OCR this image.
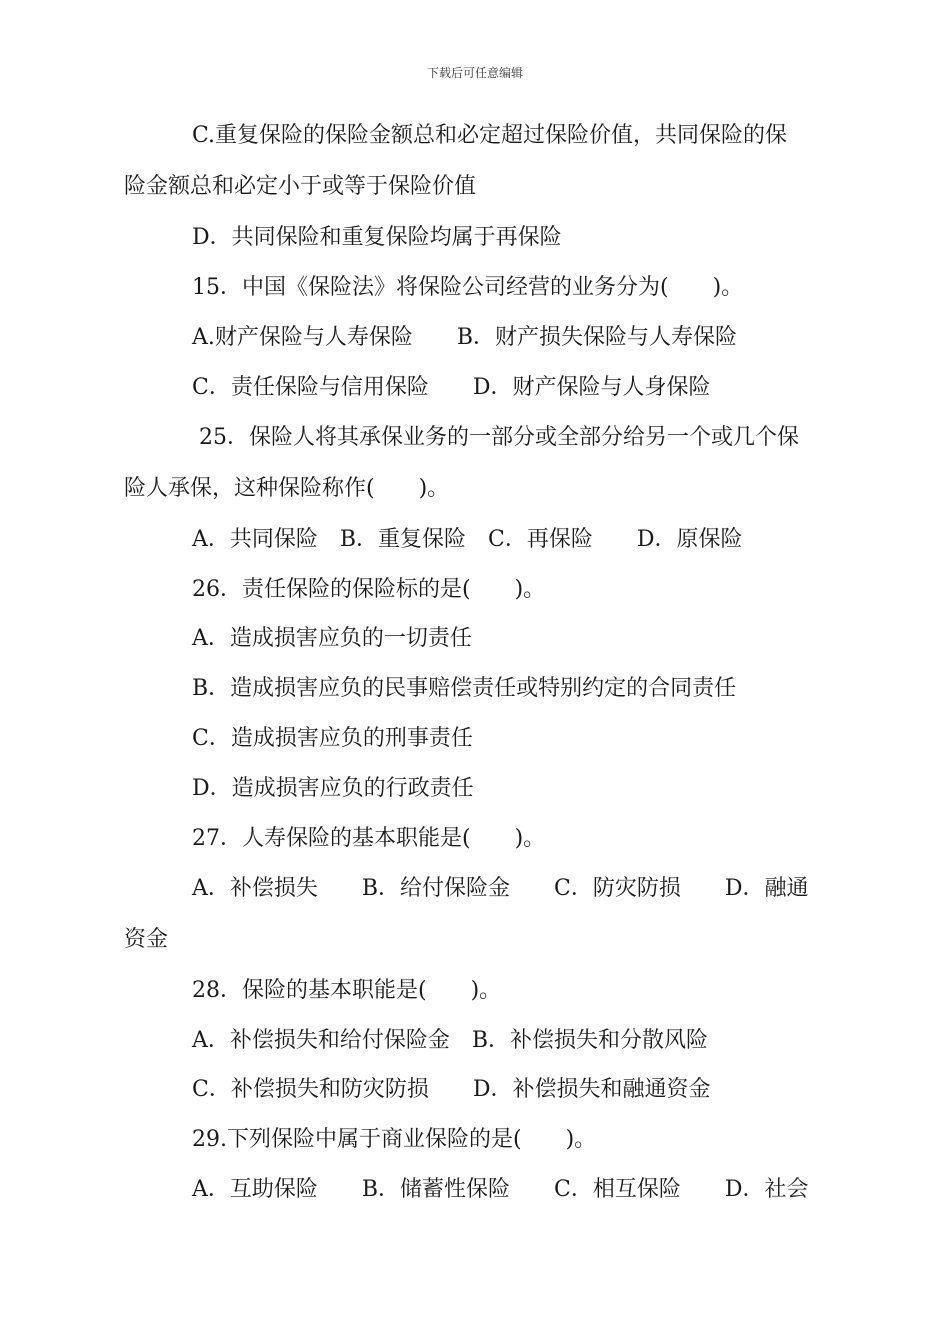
下载后可任意编辑
C.重复保险的保险金额总和必定超过保险价值，共同保险的保
险金额总和必定小于或等于保险价值
D．共同保险和重复保险均属于再保险
15．中国《保险法》将保险公司经营的业务分为(　　)。
A.财产保险与人寿保险　　B．财产损失保险与人寿保险
C．责任保险与信用保险　　D．财产保险与人身保险
25．保险人将其承保业务的一部分或全部分给另一个或几个保
险人承保，这种保险称作(　　)。
A．共同保险　B．重复保险　C．再保险　　D．原保险
26．责任保险的保险标的是(　　)。
A．造成损害应负的一切责任
B．造成损害应负的民事赔偿责任或特别约定的合同责任
C．造成损害应负的刑事责任
D．造成损害应负的行政责任
27．人寿保险的基本职能是(　　)。
A．补偿损失　　B．给付保险金　　C．防灾防损　　D．融通
资金
28．保险的基本职能是(　　)。
A．补偿损失和给付保险金　B．补偿损失和分散风险
C．补偿损失和防灾防损　　D．补偿损失和融通资金
29.下列保险中属于商业保险的是(　　)。
A．互助保险　　B．储蓄性保险　　C．相互保险　　D．社会
